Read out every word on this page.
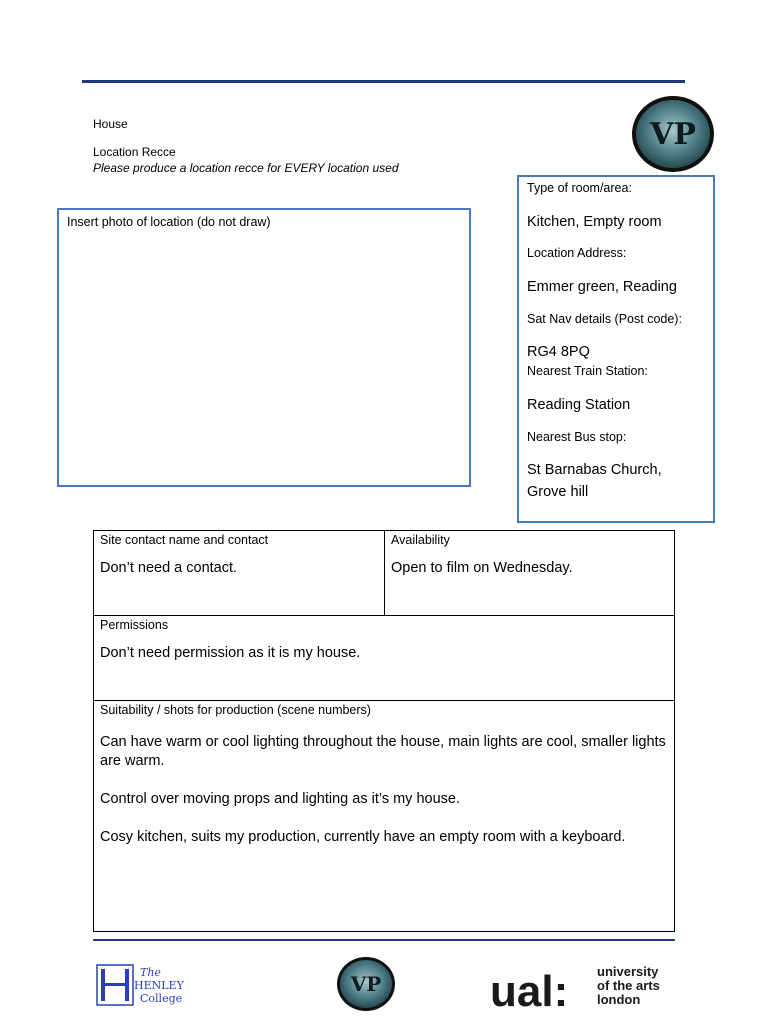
House
Location Recce
Please produce a location recce for EVERY location used
VP
Insert photo of location (do not draw)
Type of room/area:
Kitchen, Empty room
Location Address:
Emmer green, Reading
Sat Nav details (Post code):
RG4 8PQ
Nearest Train Station:
Reading Station
Nearest Bus stop:
St Barnabas Church,
Grove hill
Site contact name and contact
Don’t need a contact.

Availability
Open to film on Wednesday.

Permissions
Don’t need permission as it is my house.

Suitability / shots for production (scene numbers)

Can have warm or cool lighting throughout the house, main lights are cool, smaller lights are warm.

Control over moving props and lighting as it’s my house.

Cosy kitchen, suits my production, currently have an empty room with a keyboard.

The
HENLEY
College
VP ual: university
of the arts
london
